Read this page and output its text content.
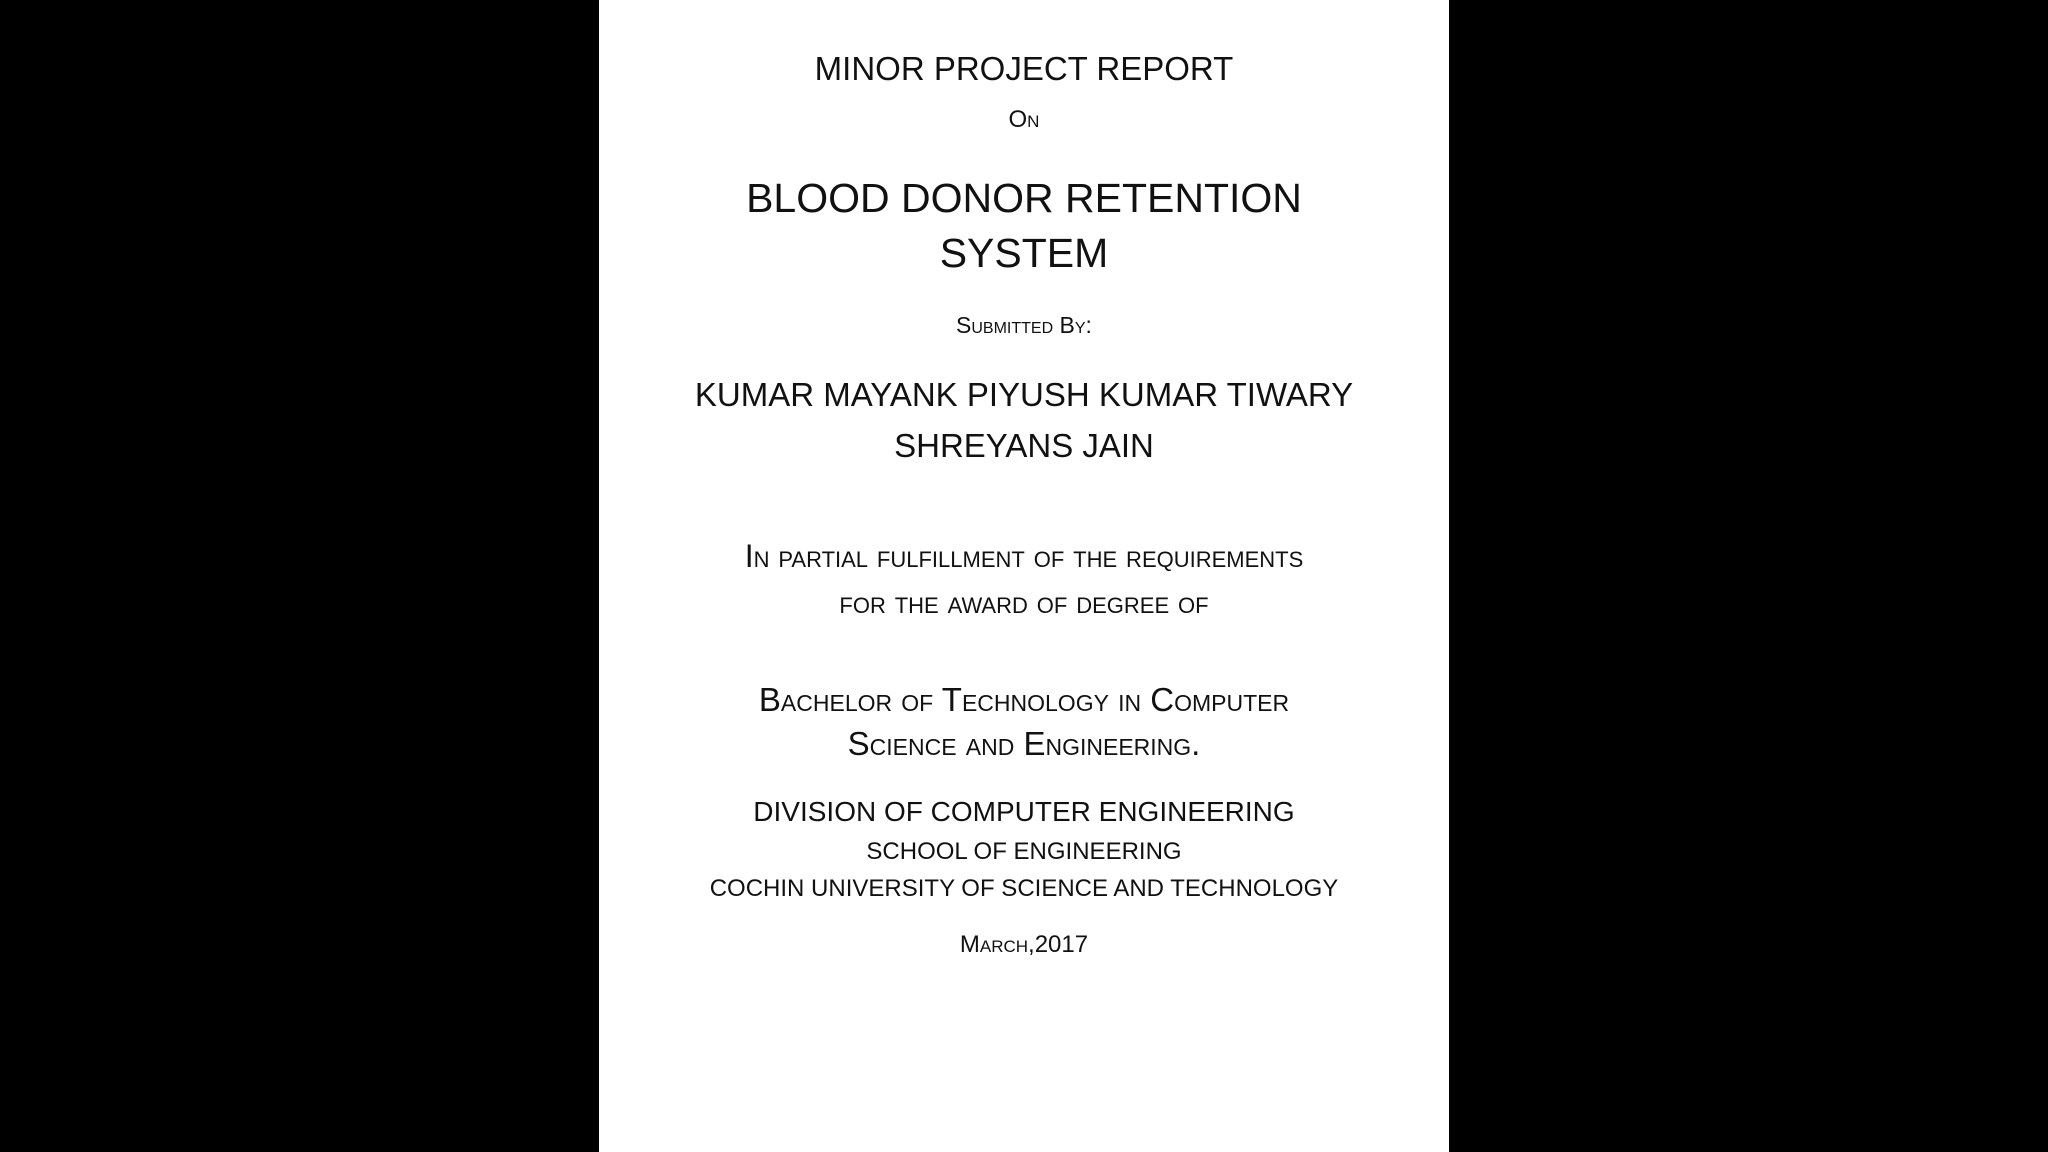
MINOR PROJECT REPORT
On
BLOOD DONOR RETENTION
SYSTEM
Submitted By:
KUMAR MAYANK PIYUSH KUMAR TIWARY
SHREYANS JAIN
In partial fulfillment of the requirements
for the award of degree of
Bachelor of Technology in Computer
Science and Engineering.
DIVISION OF COMPUTER ENGINEERING
SCHOOL OF ENGINEERING
COCHIN UNIVERSITY OF SCIENCE AND TECHNOLOGY
March,2017
